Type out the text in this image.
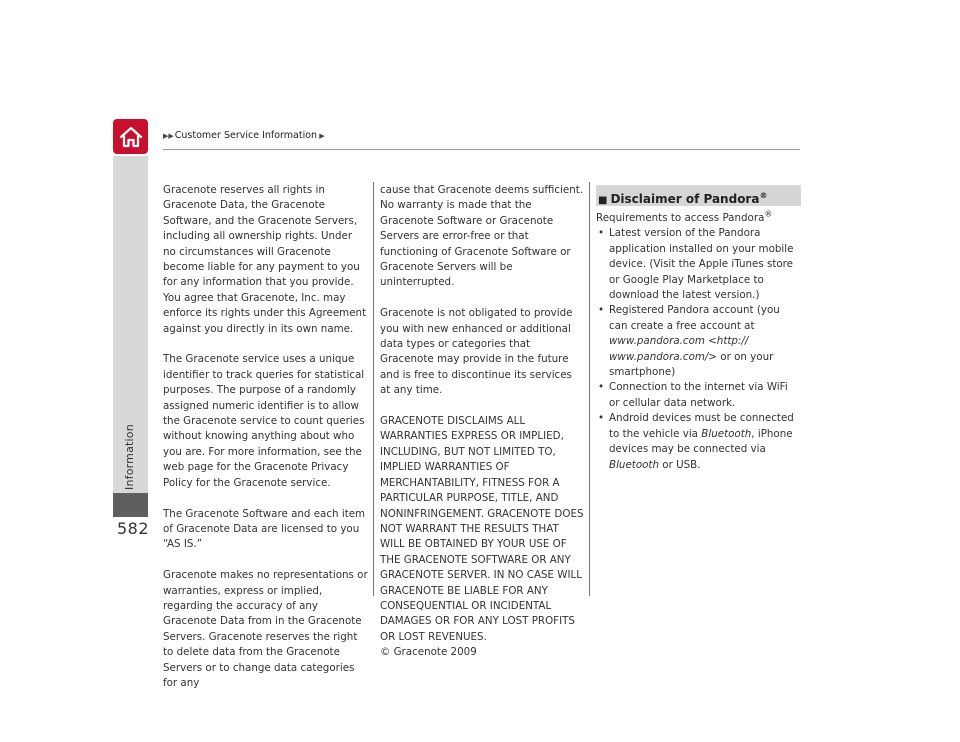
Information
582
▶▶Customer Service Information ▶

Gracenote reserves all rights in Gracenote Data, the Gracenote Software, and the Gracenote Servers, including all ownership rights. Under no circumstances will Gracenote become liable for any payment to you for any information that you provide. You agree that Gracenote, Inc. may enforce its rights under this Agreement against you directly in its own name.

The Gracenote service uses a unique identifier to track queries for statistical purposes. The purpose of a randomly assigned numeric identifier is to allow the Gracenote service to count queries without knowing anything about who you are. For more information, see the web page for the Gracenote Privacy Policy for the Gracenote service.

The Gracenote Software and each item of Gracenote Data are licensed to you “AS IS.”

Gracenote makes no representations or warranties, express or implied, regarding the accuracy of any Gracenote Data from in the Gracenote Servers. Gracenote reserves the right to delete data from the Gracenote Servers or to change data categories for any

cause that Gracenote deems sufficient. No warranty is made that the Gracenote Software or Gracenote Servers are error-free or that functioning of Gracenote Software or Gracenote Servers will be uninterrupted.

Gracenote is not obligated to provide you with new enhanced or additional data types or categories that Gracenote may provide in the future and is free to discontinue its services at any time.

GRACENOTE DISCLAIMS ALL WARRANTIES EXPRESS OR IMPLIED, INCLUDING, BUT NOT LIMITED TO, IMPLIED WARRANTIES OF MERCHANTABILITY, FITNESS FOR A PARTICULAR PURPOSE, TITLE, AND NONINFRINGEMENT. GRACENOTE DOES NOT WARRANT THE RESULTS THAT WILL BE OBTAINED BY YOUR USE OF THE GRACENOTE SOFTWARE OR ANY GRACENOTE SERVER. IN NO CASE WILL GRACENOTE BE LIABLE FOR ANY CONSEQUENTIAL OR INCIDENTAL DAMAGES OR FOR ANY LOST PROFITS OR LOST REVENUES.

© Gracenote 2009

■ Disclaimer of Pandora®
Requirements to access Pandora®
• Latest version of the Pandora application installed on your mobile device. (Visit the Apple iTunes store or Google Play Marketplace to download the latest version.)
• Registered Pandora account (you can create a free account at www.pandora.com <http:// www.pandora.com/> or on your smartphone)
• Connection to the internet via WiFi or cellular data network.
• Android devices must be connected to the vehicle via Bluetooth, iPhone devices may be connected via Bluetooth or USB.
